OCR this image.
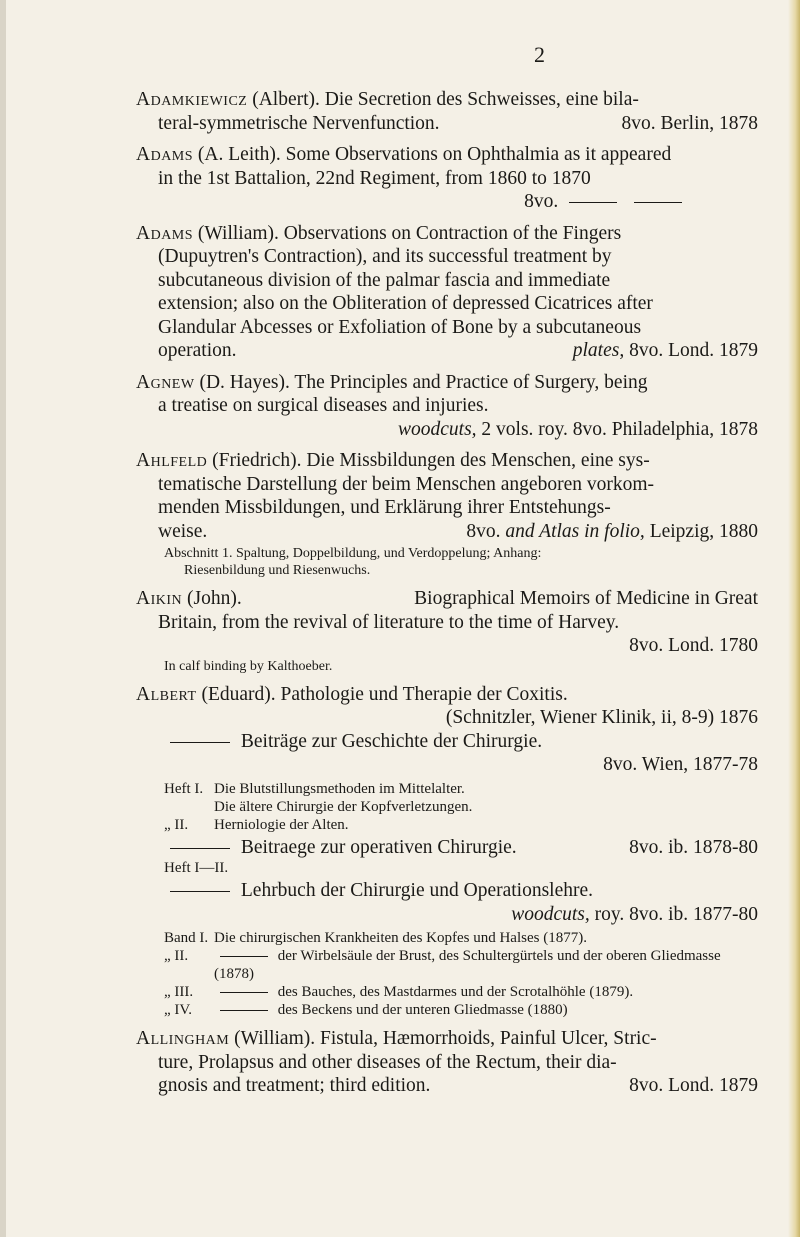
2
Adamkiewicz (Albert). Die Secretion des Schweisses, eine bila-
teral-symmetrische Nervenfunction.	8vo. Berlin, 1878
Adams (A. Leith). Some Observations on Ophthalmia as it appeared
in the 1st Battalion, 22nd Regiment, from 1860 to 1870
8vo.
Adams (William). Observations on Contraction of the Fingers
(Dupuytren's Contraction), and its successful treatment by
subcutaneous division of the palmar fascia and immediate
extension; also on the Obliteration of depressed Cicatrices after
Glandular Abcesses or Exfoliation of Bone by a subcutaneous
operation.	plates, 8vo. Lond. 1879
Agnew (D. Hayes). The Principles and Practice of Surgery, being
a treatise on surgical diseases and injuries.
woodcuts, 2 vols. roy. 8vo. Philadelphia, 1878
Ahlfeld (Friedrich). Die Missbildungen des Menschen, eine sys-
tematische Darstellung der beim Menschen angeboren vorkom-
menden Missbildungen, und Erklärung ihrer Entstehungs-
weise.	8vo. and Atlas in folio, Leipzig, 1880
Abschnitt 1. Spaltung, Doppelbildung, und Verdoppelung; Anhang:
Riesenbildung und Riesenwuchs.
Aikin (John).	Biographical Memoirs of Medicine in Great
Britain, from the revival of literature to the time of Harvey.
8vo. Lond. 1780
In calf binding by Kalthoeber.
Albert (Eduard). Pathologie und Therapie der Coxitis.
(Schnitzler, Wiener Klinik, ii, 8-9) 1876
Beiträge zur Geschichte der Chirurgie.
8vo. Wien, 1877-78
Heft I. Die Blutstillungsmethoden im Mittelalter.
Die ältere Chirurgie der Kopfverletzungen.
„ II.	Herniologie der Alten.
Beitraege zur operativen Chirurgie.	8vo. ib. 1878-80
Heft I—II.
Lehrbuch der Chirurgie und Operationslehre.
woodcuts, roy. 8vo. ib. 1877-80
Band I. Die chirurgischen Krankheiten des Kopfes und Halses (1877).
„ II.	der Wirbelsäule der Brust, des Schultergürtels und der oberen Gliedmasse (1878)
„ III.	des Bauches, des Mastdarmes und der Scrotalhöhle (1879).
„ IV.	des Beckens und der unteren Gliedmasse (1880)
Allingham (William). Fistula, Hæmorrhoids, Painful Ulcer, Stric-
ture, Prolapsus and other diseases of the Rectum, their dia-
gnosis and treatment; third edition.	8vo. Lond. 1879
